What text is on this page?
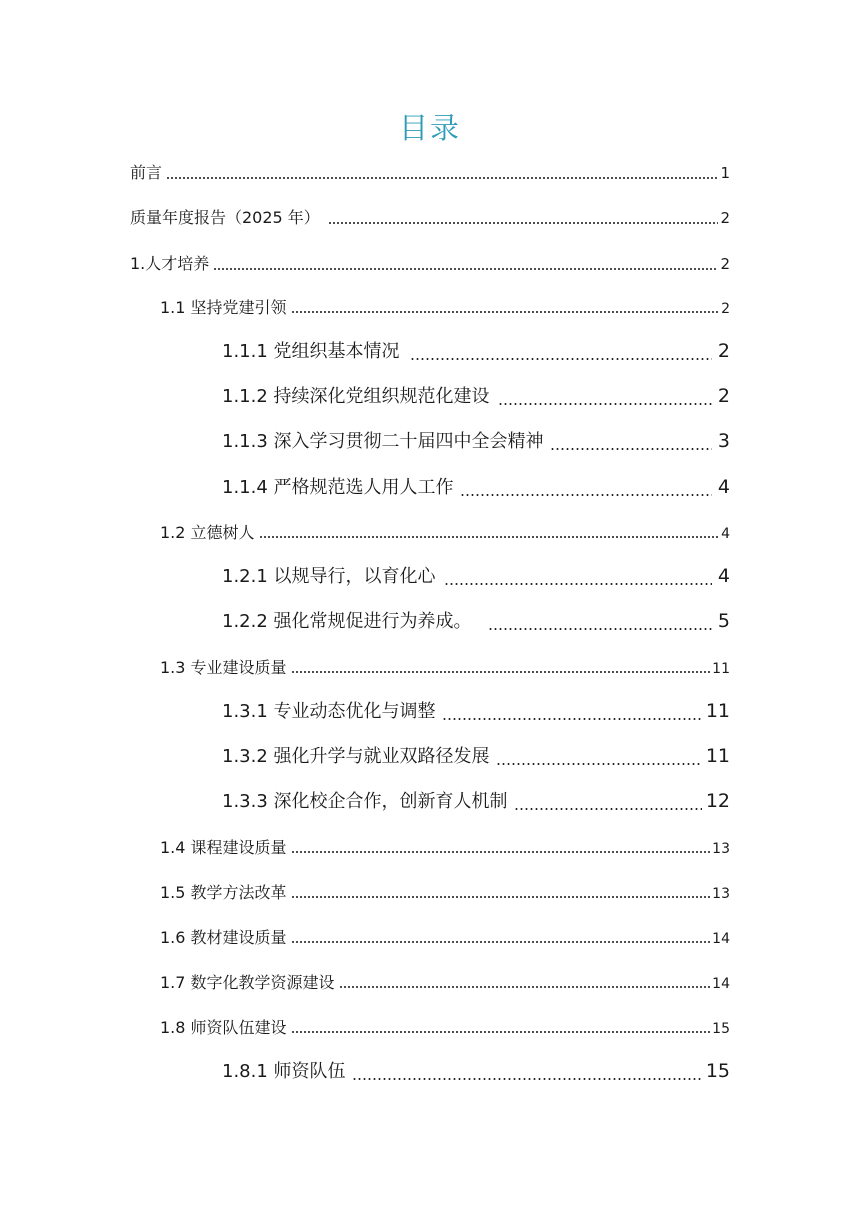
目录
前言	1
质量年度报告（2025 年）	2
1.人才培养	2
1.1 坚持党建引领	2
1.1.1 党组织基本情况	2
1.1.2 持续深化党组织规范化建设	2
1.1.3 深入学习贯彻二十届四中全会精神	3
1.1.4 严格规范选人用人工作	4
1.2 立德树人	4
1.2.1 以规导行，以育化心	4
1.2.2 强化常规促进行为养成。	5
1.3 专业建设质量	11
1.3.1 专业动态优化与调整	11
1.3.2 强化升学与就业双路径发展	11
1.3.3 深化校企合作，创新育人机制	12
1.4 课程建设质量	13
1.5 教学方法改革	13
1.6 教材建设质量	14
1.7 数字化教学资源建设	14
1.8 师资队伍建设	15
1.8.1 师资队伍	15
